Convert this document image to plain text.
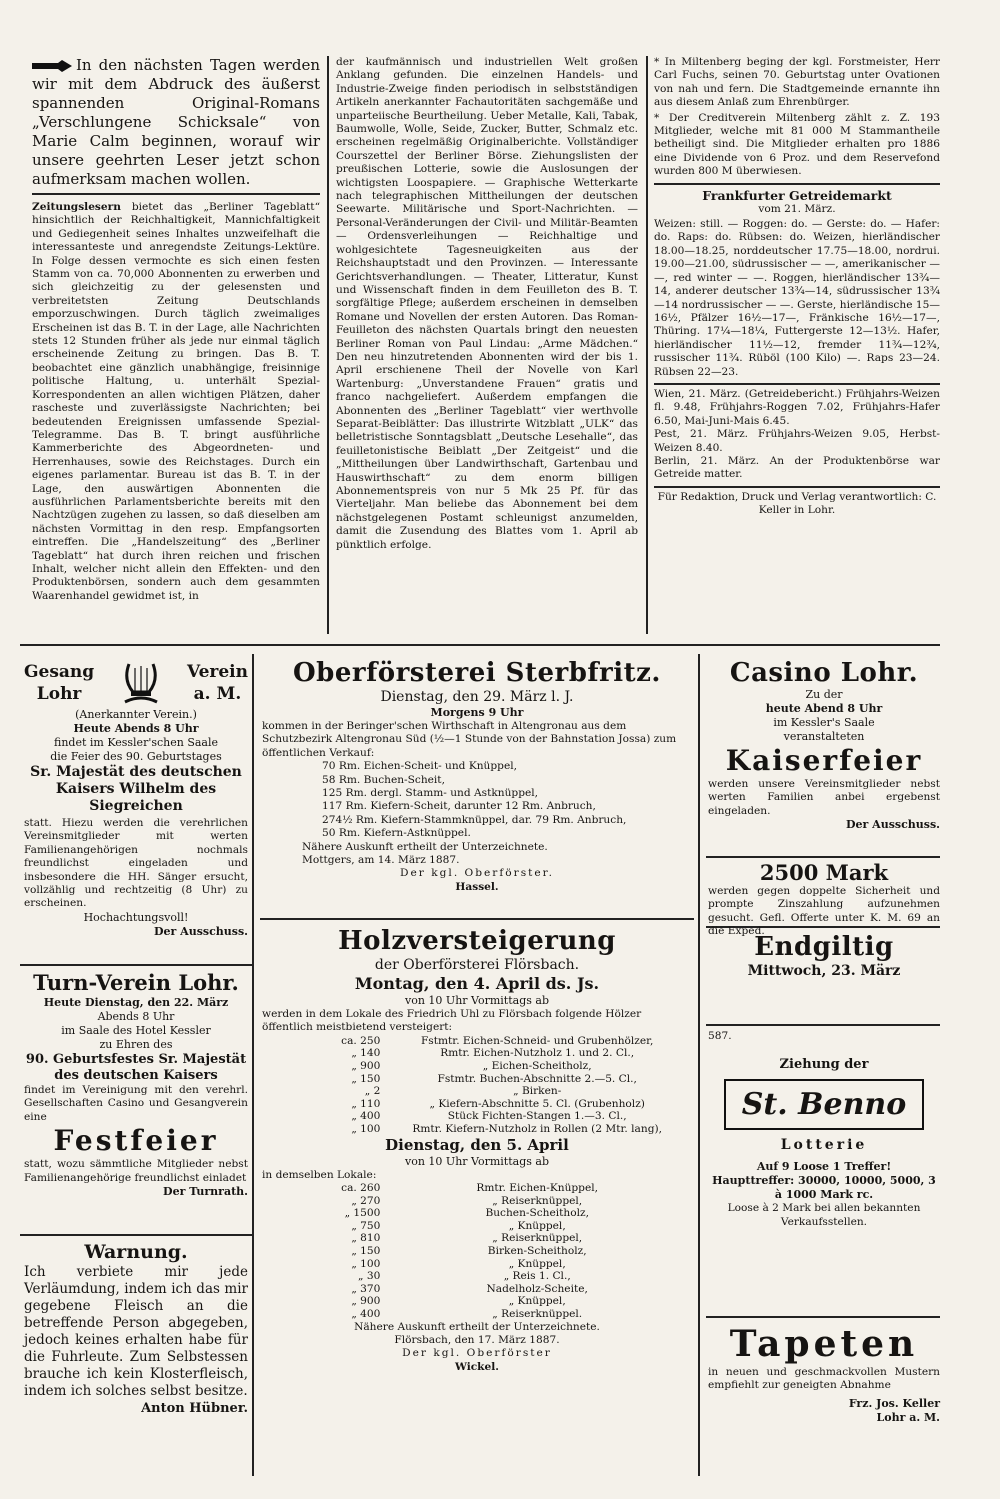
In den nächsten Tagen werden wir mit dem Abdruck des äußerst spannenden Original-Romans „Verschlungene Schicksale“ von Marie Calm beginnen, worauf wir unsere geehrten Leser jetzt schon aufmerksam machen wollen.

Zeitungslesern bietet das „Berliner Tageblatt“ hinsichtlich der Reichhaltigkeit, Mannichfaltigkeit und Gediegenheit seines Inhaltes unzweifelhaft die interessanteste und anregendste Zeitungs-Lektüre. In Folge dessen vermochte es sich einen festen Stamm von ca. 70,000 Abonnenten zu erwerben und sich gleichzeitig zu der gelesensten und verbreitetsten Zeitung Deutschlands emporzuschwingen. Durch täglich zweimaliges Erscheinen ist das B. T. in der Lage, alle Nachrichten stets 12 Stunden früher als jede nur einmal täglich erscheinende Zeitung zu bringen. Das B. T. beobachtet eine gänzlich unabhängige, freisinnige politische Haltung, u. unterhält Spezial-Korrespondenten an allen wichtigen Plätzen, daher rascheste und zuverlässigste Nachrichten; bei bedeutenden Ereignissen umfassende Spezial-Telegramme. Das B. T. bringt ausführliche Kammerberichte des Abgeordneten- und Herrenhauses, sowie des Reichstages. Durch ein eigenes parlamentar. Bureau ist das B. T. in der Lage, den auswärtigen Abonnenten die ausführlichen Parlamentsberichte bereits mit den Nachtzügen zugehen zu lassen, so daß dieselben am nächsten Vormittag in den resp. Empfangsorten eintreffen. Die „Handelszeitung“ des „Berliner Tageblatt“ hat durch ihren reichen und frischen Inhalt, welcher nicht allein den Effekten- und den Produktenbörsen, sondern auch dem gesammten Waarenhandel gewidmet ist, in

der kaufmännisch und industriellen Welt großen Anklang gefunden. Die einzelnen Handels- und Industrie-Zweige finden periodisch in selbstständigen Artikeln anerkannter Fachautoritäten sachgemäße und unparteiische Beurtheilung. Ueber Metalle, Kali, Tabak, Baumwolle, Wolle, Seide, Zucker, Butter, Schmalz etc. erscheinen regelmäßig Originalberichte. Vollständiger Courszettel der Berliner Börse. Ziehungslisten der preußischen Lotterie, sowie die Auslosungen der wichtigsten Loospapiere. — Graphische Wetterkarte nach telegraphischen Mittheilungen der deutschen Seewarte. Militärische und Sport-Nachrichten. — Personal-Veränderungen der Civil- und Militär-Beamten — Ordensverleihungen — Reichhaltige und wohlgesichtete Tagesneuigkeiten aus der Reichshauptstadt und den Provinzen. — Interessante Gerichtsverhandlungen. — Theater, Litteratur, Kunst und Wissenschaft finden in dem Feuilleton des B. T. sorgfältige Pflege; außerdem erscheinen in demselben Romane und Novellen der ersten Autoren. Das Roman-Feuilleton des nächsten Quartals bringt den neuesten Berliner Roman von Paul Lindau: „Arme Mädchen.“ Den neu hinzutretenden Abonnenten wird der bis 1. April erschienene Theil der Novelle von Karl Wartenburg: „Unverstandene Frauen“ gratis und franco nachgeliefert. Außerdem empfangen die Abonnenten des „Berliner Tageblatt“ vier werthvolle Separat-Beiblätter: Das illustrirte Witzblatt „ULK“ das belletristische Sonntagsblatt „Deutsche Lesehalle“, das feuilletonistische Beiblatt „Der Zeitgeist“ und die „Mittheilungen über Landwirthschaft, Gartenbau und Hauswirthschaft“ zu dem enorm billigen Abonnementspreis von nur 5 Mk 25 Pf. für das Vierteljahr. Man beliebe das Abonnement bei dem nächstgelegenen Postamt schleunigst anzumelden, damit die Zusendung des Blattes vom 1. April ab pünktlich erfolge.

* In Miltenberg beging der kgl. Forstmeister, Herr Carl Fuchs, seinen 70. Geburtstag unter Ovationen von nah und fern. Die Stadtgemeinde ernannte ihn aus diesem Anlaß zum Ehrenbürger.

* Der Creditverein Miltenberg zählt z. Z. 193 Mitglieder, welche mit 81 000 M Stammantheile betheiligt sind. Die Mitglieder erhalten pro 1886 eine Dividende von 6 Proz. und dem Reservefond wurden 800 M überwiesen.

Frankfurter Getreidemarkt
vom 21. März.

Weizen: still. — Roggen: do. — Gerste: do. — Hafer: do. Raps: do. Rübsen: do. Weizen, hierländischer 18.00—18.25, norddeutscher 17.75—18.00, nordrui. 19.00—21.00, südrussischer — —, amerikanischer — —, red winter — —. Roggen, hierländischer 13¾—14, anderer deutscher 13¾—14, südrussischer 13¾—14 nordrussischer — —. Gerste, hierländische 15—16½, Pfälzer 16½—17—, Fränkische 16½—17—, Thüring. 17¼—18¼, Futtergerste 12—13½. Hafer, hierländischer 11½—12, fremder 11¾—12¾, russischer 11¾. Rüböl (100 Kilo) —. Raps 23—24. Rübsen 22—23.

Wien, 21. März. (Getreidebericht.) Frühjahrs-Weizen fl. 9.48, Frühjahrs-Roggen 7.02, Frühjahrs-Hafer 6.50, Mai-Juni-Mais 6.45.

Pest, 21. März. Frühjahrs-Weizen 9.05, Herbst-Weizen 8.40.

Berlin, 21. März. An der Produktenbörse war Getreide matter.

Für Redaktion, Druck und Verlag verantwortlich: C. Keller in Lohr.

Gesang
Lohr
Verein
a. M.
(Anerkannter Verein.)
Heute Abends 8 Uhr
findet im Kessler'schen Saale
die Feier des 90. Geburtstages
Sr. Majestät des deutschen Kaisers Wilhelm des Siegreichen

statt. Hiezu werden die verehrlichen Vereinsmitglieder mit werten Familienangehörigen nochmals freundlichst eingeladen und insbesondere die HH. Sänger ersucht, vollzählig und rechtzeitig (8 Uhr) zu erscheinen.

Hochachtungsvoll!
Der Ausschuss.
Turn-Verein Lohr.
Heute Dienstag, den 22. März
Abends 8 Uhr
im Saale des Hotel Kessler
zu Ehren des
90. Geburtsfestes Sr. Majestät des deutschen Kaisers

findet im Vereinigung mit den verehrl. Gesellschaften Casino und Gesangverein eine

Festfeier

statt, wozu sämmtliche Mitglieder nebst Familienangehörige freundlichst einladet

Der Turnrath.
Warnung.

Ich verbiete mir jede Verläumdung, indem ich das mir gegebene Fleisch an die betreffende Person abgegeben, jedoch keines erhalten habe für die Fuhrleute. Zum Selbstessen brauche ich kein Klosterfleisch, indem ich solches selbst besitze.

Anton Hübner.
Oberförsterei Sterbfritz.
Dienstag, den 29. März l. J.
Morgens 9 Uhr

kommen in der Beringer'schen Wirthschaft in Altengronau aus dem Schutzbezirk Altengronau Süd (½—1 Stunde von der Bahnstation Jossa) zum öffentlichen Verkauf:

70 Rm. Eichen-Scheit- und Knüppel,
58 Rm. Buchen-Scheit,
125 Rm. dergl. Stamm- und Astknüppel,
117 Rm. Kiefern-Scheit, darunter 12 Rm. Anbruch,
274½ Rm. Kiefern-Stammknüppel, dar. 79 Rm. Anbruch,
50 Rm. Kiefern-Astknüppel.
Nähere Auskunft ertheilt der Unterzeichnete.
Mottgers, am 14. März 1887.
Der kgl. Oberförster.
Hassel.
Holzversteigerung
der Oberförsterei Flörsbach.
Montag, den 4. April ds. Js.
von 10 Uhr Vormittags ab

werden in dem Lokale des Friedrich Uhl zu Flörsbach folgende Hölzer öffentlich meistbietend versteigert:

ca. 250	Fstmtr. Eichen-Schneid- und Grubenhölzer,
„ 140	Rmtr. Eichen-Nutzholz 1. und 2. Cl.,
„ 900	„ Eichen-Scheitholz,
„ 150	Fstmtr. Buchen-Abschnitte 2.—5. Cl.,
„ 2	„ Birken-
„ 110	„ Kiefern-Abschnitte 5. Cl. (Grubenholz)
„ 400	Stück Fichten-Stangen 1.—3. Cl.,
„ 100	Rmtr. Kiefern-Nutzholz in Rollen (2 Mtr. lang),
Dienstag, den 5. April
von 10 Uhr Vormittags ab
in demselben Lokale:
ca. 260	Rmtr. Eichen-Knüppel,
„ 270	„ Reiserknüppel,
„ 1500	Buchen-Scheitholz,
„ 750	„ Knüppel,
„ 810	„ Reiserknüppel,
„ 150	Birken-Scheitholz,
„ 100	„ Knüppel,
„ 30	„ Reis 1. Cl.,
„ 370	Nadelholz-Scheite,
„ 900	„ Knüppel,
„ 400	„ Reiserknüppel.
Nähere Auskunft ertheilt der Unterzeichnete.
Flörsbach, den 17. März 1887.
Der kgl. Oberförster
Wickel.
Casino Lohr.
Zu der
heute Abend 8 Uhr
im Kessler's Saale
veranstalteten
Kaiserfeier

werden unsere Vereinsmitglieder nebst werten Familien anbei ergebenst eingeladen.

Der Ausschuss.
2500 Mark

werden gegen doppelte Sicherheit und prompte Zinszahlung aufzunehmen gesucht. Gefl. Offerte unter K. M. 69 an die Exped.

Endgiltig
Mittwoch, 23. März
587.
Ziehung der
St. Benno
Lotterie
Auf 9 Loose 1 Treffer!
Haupttreffer: 30000, 10000, 5000, 3 à 1000 Mark rc.
Loose à 2 Mark bei allen bekannten Verkaufsstellen.
Tapeten

in neuen und geschmackvollen Mustern empfiehlt zur geneigten Abnahme

Frz. Jos. Keller
Lohr a. M.
